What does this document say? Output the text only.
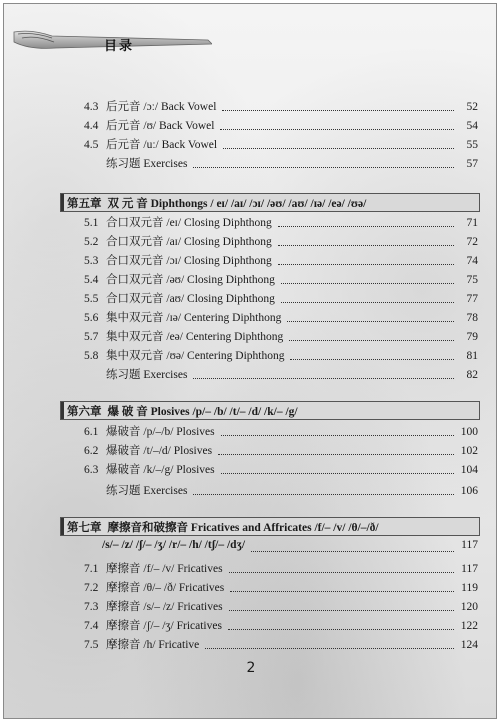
目录
4.3 后元音 /ɔː/ Back Vowel	52
4.4 后元音 /ʊ/ Back Vowel	54
4.5 后元音 /uː/ Back Vowel	55
练习题 Exercises	57
第五章 双 元 音 Diphthongs / eɪ/ /aɪ/ /ɔɪ/ /əʊ/ /aʊ/ /ɪə/ /eə/ /ʊə/
5.1 合口双元音 /eɪ/ Closing Diphthong	71
5.2 合口双元音 /aɪ/ Closing Diphthong	72
5.3 合口双元音 /ɔɪ/ Closing Diphthong	74
5.4 合口双元音 /əʊ/ Closing Diphthong	75
5.5 合口双元音 /aʊ/ Closing Diphthong	77
5.6 集中双元音 /ɪə/ Centering Diphthong	78
5.7 集中双元音 /eə/ Centering Diphthong	79
5.8 集中双元音 /ʊə/ Centering Diphthong	81
练习题 Exercises	82
第六章 爆 破 音 Plosives /p/– /b/ /t/– /d/ /k/– /g/
6.1 爆破音 /p/–/b/ Plosives	100
6.2 爆破音 /t/–/d/ Plosives	102
6.3 爆破音 /k/–/g/ Plosives	104
练习题 Exercises	106
第七章 摩擦音和破擦音 Fricatives and Affricates /f/– /v/ /θ/–/ð/
/s/– /z/ /ʃ/– /ʒ/ /r/– /h/ /tʃ/– /dʒ/	117
7.1 摩擦音 /f/– /v/ Fricatives	117
7.2 摩擦音 /θ/– /ð/ Fricatives	119
7.3 摩擦音 /s/– /z/ Fricatives	120
7.4 摩擦音 /ʃ/– /ʒ/ Fricatives	122
7.5 摩擦音 /h/ Fricative	124
2
